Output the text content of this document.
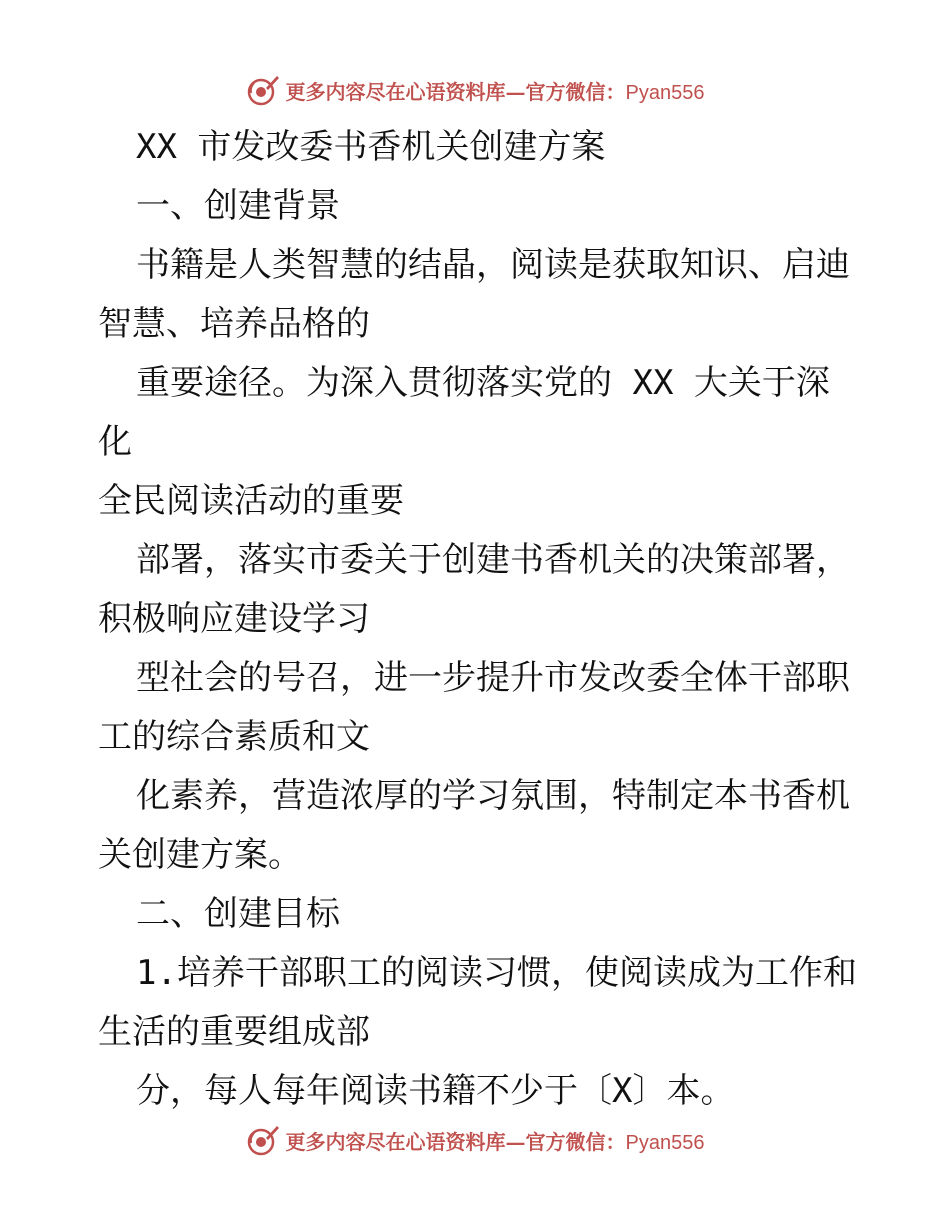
更多内容尽在心语资料库—官方微信：Pyan556
XX 市发改委书香机关创建方案
一、创建背景
书籍是人类智慧的结晶，阅读是获取知识、启迪
智慧、培养品格的
重要途径。为深入贯彻落实党的 XX 大关于深化
全民阅读活动的重要
部署，落实市委关于创建书香机关的决策部署，
积极响应建设学习
型社会的号召，进一步提升市发改委全体干部职
工的综合素质和文
化素养，营造浓厚的学习氛围，特制定本书香机
关创建方案。
二、创建目标
1.培养干部职工的阅读习惯，使阅读成为工作和
生活的重要组成部
分，每人每年阅读书籍不少于〔X〕本。
更多内容尽在心语资料库—官方微信：Pyan556
